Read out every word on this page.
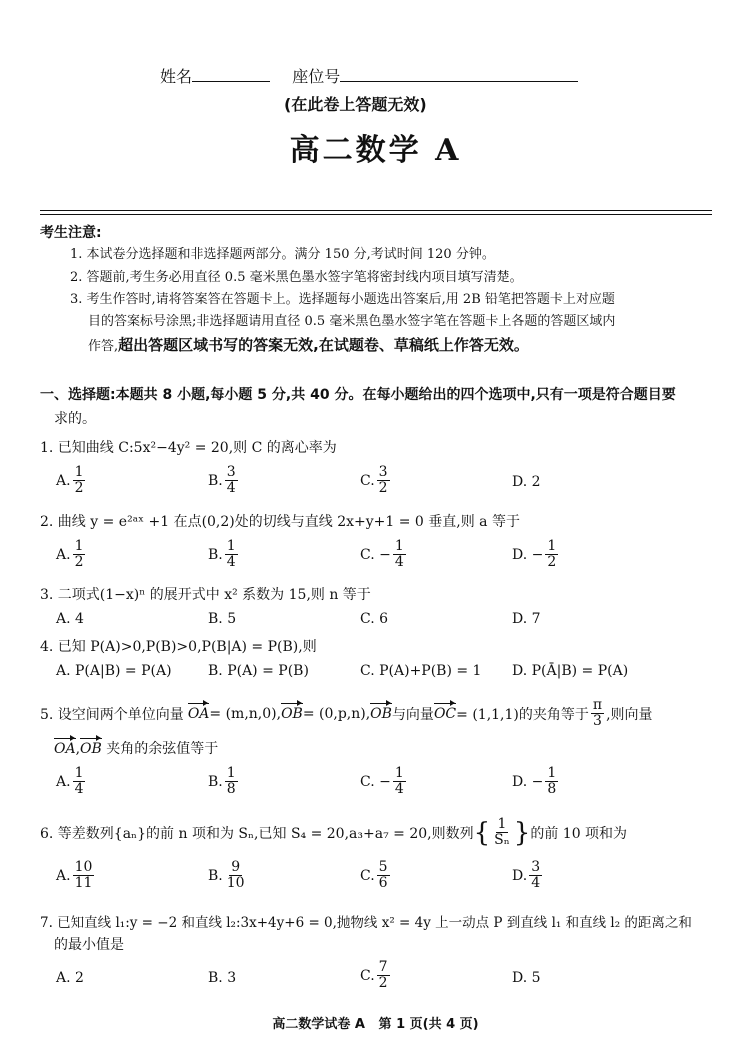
姓名	座位号
(在此卷上答题无效)
高二数学 A
考生注意:
1. 本试卷分选择题和非选择题两部分。满分 150 分,考试时间 120 分钟。
2. 答题前,考生务必用直径 0.5 毫米黑色墨水签字笔将密封线内项目填写清楚。
3. 考生作答时,请将答案答在答题卡上。选择题每小题选出答案后,用 2B 铅笔把答题卡上对应题
目的答案标号涂黑;非选择题请用直径 0.5 毫米黑色墨水签字笔在答题卡上各题的答题区域内
作答,超出答题区域书写的答案无效,在试题卷、草稿纸上作答无效。
一、选择题:本题共 8 小题,每小题 5 分,共 40 分。在每小题给出的四个选项中,只有一项是符合题目要
求的。
1. 已知曲线 C:5x²−4y² = 20,则 C 的离心率为
A. $\frac{1}{2}$	B. $\frac{3}{4}$	C. $\frac{3}{2}$	D. 2
2. 曲线 y = e²ᵃˣ +1 在点(0,2)处的切线与直线 2x+y+1 = 0 垂直,则 a 等于
A. $\frac{1}{2}$	B. $\frac{1}{4}$	C. − $\frac{1}{4}$	D. − $\frac{1}{2}$
3. 二项式(1−x)ⁿ 的展开式中 x² 系数为 15,则 n 等于
A. 4	B. 5	C. 6	D. 7
4. 已知 P(A)>0,P(B)>0,P(B|A) = P(B),则
A. P(A|B) = P(A)	B. P(A) = P(B)	C. P(A)+P(B) = 1 D. P(Ā|B) = P(A)
5. 设空间两个单位向量 OA = (m,n,0), OB = (0,p,n), OB 与向量 OC = (1,1,1)的夹角等于 $\frac{\pi}{3}$ ,则向量
OA,OB 夹角的余弦值等于
A. $\frac{1}{4}$	B. $\frac{1}{8}$	C. − $\frac{1}{4}$	D. − $\frac{1}{8}$
6. 等差数列{aₙ}的前 n 项和为 Sₙ,已知 S₄ = 20,a₃+a₇ = 20,则数列 { $\frac{1}{\text{Sₙ}}$ } 的前 10 项和为
A. $\frac{10}{11}$	B. $\frac{9}{10}$	C. $\frac{5}{6}$	D. $\frac{3}{4}$
7. 已知直线 l₁:y = −2 和直线 l₂:3x+4y+6 = 0,抛物线 x² = 4y 上一动点 P 到直线 l₁ 和直线 l₂ 的距离之和
的最小值是
A. 2	B. 3	C. $\frac{7}{2}$	D. 5
高二数学试卷 A   第 1 页(共 4 页)
